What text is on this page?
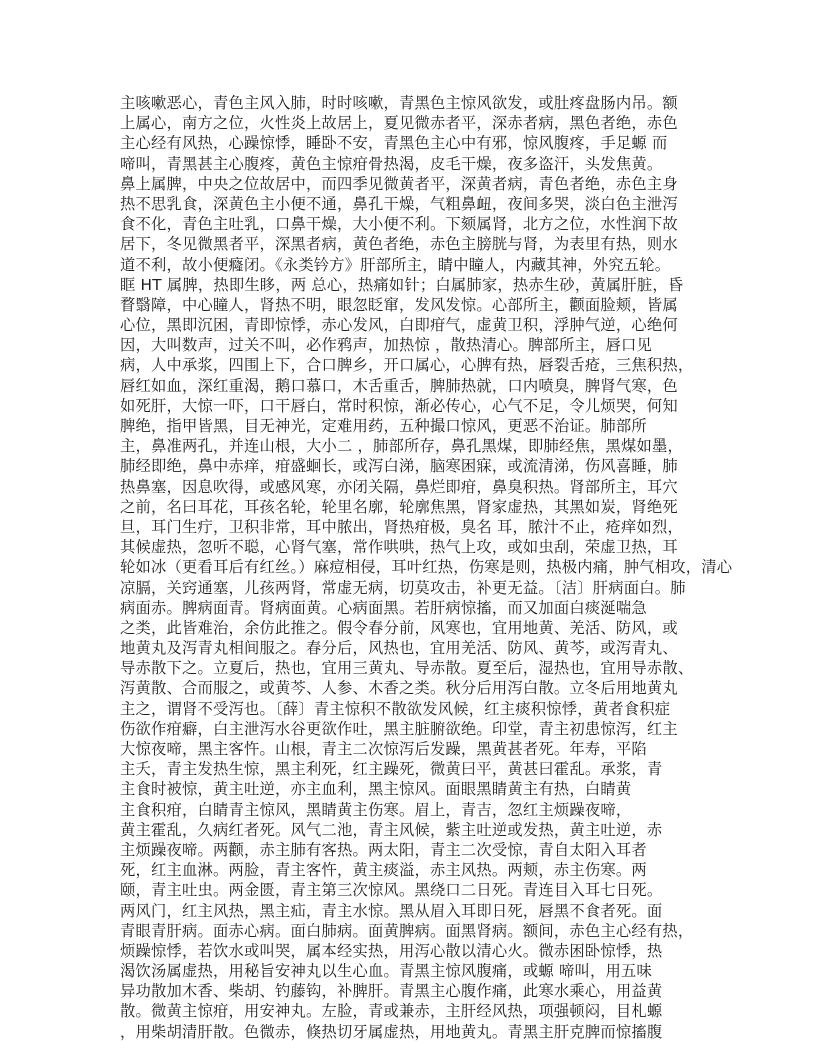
主咳嗽恶心，青色主风入肺，时时咳嗽，青黑色主惊风欲发，或肚疼盘肠内吊。额
上属心，南方之位，火性炎上故居上，夏见微赤者平，深赤者病，黑色者绝，赤色
主心经有风热，心躁惊悸，睡卧不安，青黑色主心中有邪，惊风腹疼，手足螈 而
啼叫，青黑甚主心腹疼，黄色主惊疳骨热渴，皮毛干燥，夜多盗汗，头发焦黄。
鼻上属脾，中央之位故居中，而四季见微黄者平，深黄者病，青色者绝，赤色主身
热不思乳食，深黄色主小便不通，鼻孔干燥，气粗鼻衄，夜间多哭，淡白色主泄泻
食不化，青色主吐乳，口鼻干燥，大小便不利。下颏属肾，北方之位，水性润下故
居下，冬见微黑者平，深黑者病，黄色者绝，赤色主膀胱与肾，为表里有热，则水
道不利，故小便癃闭。《永类钤方》肝部所主，睛中瞳人，内藏其神，外究五轮。
眶 HT 属脾，热即生眵，两 总心，热痛如针；白属肺家，热赤生砂，黄属肝脏，昏
瞀翳障，中心瞳人，肾热不明，眼忽眨窜，发风发惊。心部所主，颧面脸颊，皆属
心位，黑即沉困，青即惊悸，赤心发风，白即疳气，虚黄卫积，浮肿气逆，心绝何
因，大叫数声，过关不叫，必作鸦声，加热惊 ，散热清心。脾部所主，唇口见
病，人中承浆，四围上下，合口脾乡，开口属心，心脾有热，唇裂舌疮，三焦积热，
唇红如血，深红重渴，鹅口慕口，木舌重舌，脾肺热就，口内喷臭，脾肾气寒，色
如死肝，大惊一吓，口干唇白，常时积惊，渐必传心，心气不足，令儿烦哭，何知
脾绝，指甲皆黑，目无神光，定难用药，五种撮口惊风，更恶不治证。肺部所
主，鼻准两孔，并连山根，大小二 ，肺部所存，鼻孔黑煤，即肺经焦，黑煤如墨，
肺经即绝，鼻中赤痒，疳盛蛔长，或泻白涕，脑寒困寐，或流清涕，伤风喜睡，肺
热鼻塞，因息吹得，或感风寒，亦闭关隔，鼻烂即疳，鼻臭积热。肾部所主，耳穴
之前，名曰耳花，耳孩名轮，轮里名廓，轮廓焦黑，肾家虚热，其黑如炭，肾绝死
旦，耳门生疔，卫积非常，耳中脓出，肾热疳极，臭名 耳，脓汁不止，疮痒如烈，
其候虚热，忽听不聪，心肾气塞，常作哄哄，热气上攻，或如虫刮，荣虚卫热，耳
轮如冰（更看耳后有红丝。）麻痘相侵，耳叶红热，伤寒是则，热极内痛，肿气相攻，清心
凉膈，关窍通塞，儿孩两肾，常虚无病，切莫攻击，补更无益。〔洁〕肝病面白。肺
病面赤。脾病面青。肾病面黄。心病面黑。若肝病惊搐，而又加面白痰涎喘急
之类，此皆难治，余仿此推之。假令春分前，风寒也，宜用地黄、羌活、防风，或
地黄丸及泻青丸相间服之。春分后，风热也，宜用羌活、防风、黄芩，或泻青丸、
导赤散下之。立夏后，热也，宜用三黄丸、导赤散。夏至后，湿热也，宜用导赤散、
泻黄散、合而服之，或黄芩、人参、木香之类。秋分后用泻白散。立冬后用地黄丸
主之，谓肾不受泻也。〔薛〕青主惊积不散欲发风候，红主痰积惊悸，黄者食积症
伤欲作疳癖，白主泄泻水谷更欲作吐，黑主脏腑欲绝。印堂，青主初患惊泻，红主
大惊夜啼，黑主客忤。山根，青主二次惊泻后发躁，黑黄甚者死。年寿，平陷
主夭，青主发热生惊，黑主利死，红主躁死，微黄曰平，黄甚曰霍乱。承浆，青
主食时被惊，黄主吐逆，亦主血利，黑主惊风。面眼黑睛黄主有热，白睛黄
主食积疳，白睛青主惊风，黑睛黄主伤寒。眉上，青吉，忽红主烦躁夜啼，
黄主霍乱，久病红者死。风气二池，青主风候，紫主吐逆或发热，黄主吐逆，赤
主烦躁夜啼。两颧，赤主肺有客热。两太阳，青主二次受惊，青自太阳入耳者
死，红主血淋。两脸，青主客忤，黄主痰溢，赤主风热。两颊，赤主伤寒。两
颐，青主吐虫。两金匮，青主第三次惊风。黑绕口二日死。青连目入耳七日死。
两风门，红主风热，黑主疝，青主水惊。黑从眉入耳即日死，唇黑不食者死。面
青眼青肝病。面赤心病。面白肺病。面黄脾病。面黑肾病。额间，赤色主心经有热，
烦躁惊悸，若饮水或叫哭，属本经实热，用泻心散以清心火。微赤困卧惊悸，热
渴饮汤属虚热，用秘旨安神丸以生心血。青黑主惊风腹痛，或螈 啼叫，用五味
异功散加木香、柴胡、钓藤钩，补脾肝。青黑主心腹作痛，此寒水乘心，用益黄
散。微黄主惊疳，用安神丸。左脸，青或兼赤，主肝经风热，项强顿闷，目札螈
，用柴胡清肝散。色微赤，倏热切牙属虚热，用地黄丸。青黑主肝克脾而惊搐腹
